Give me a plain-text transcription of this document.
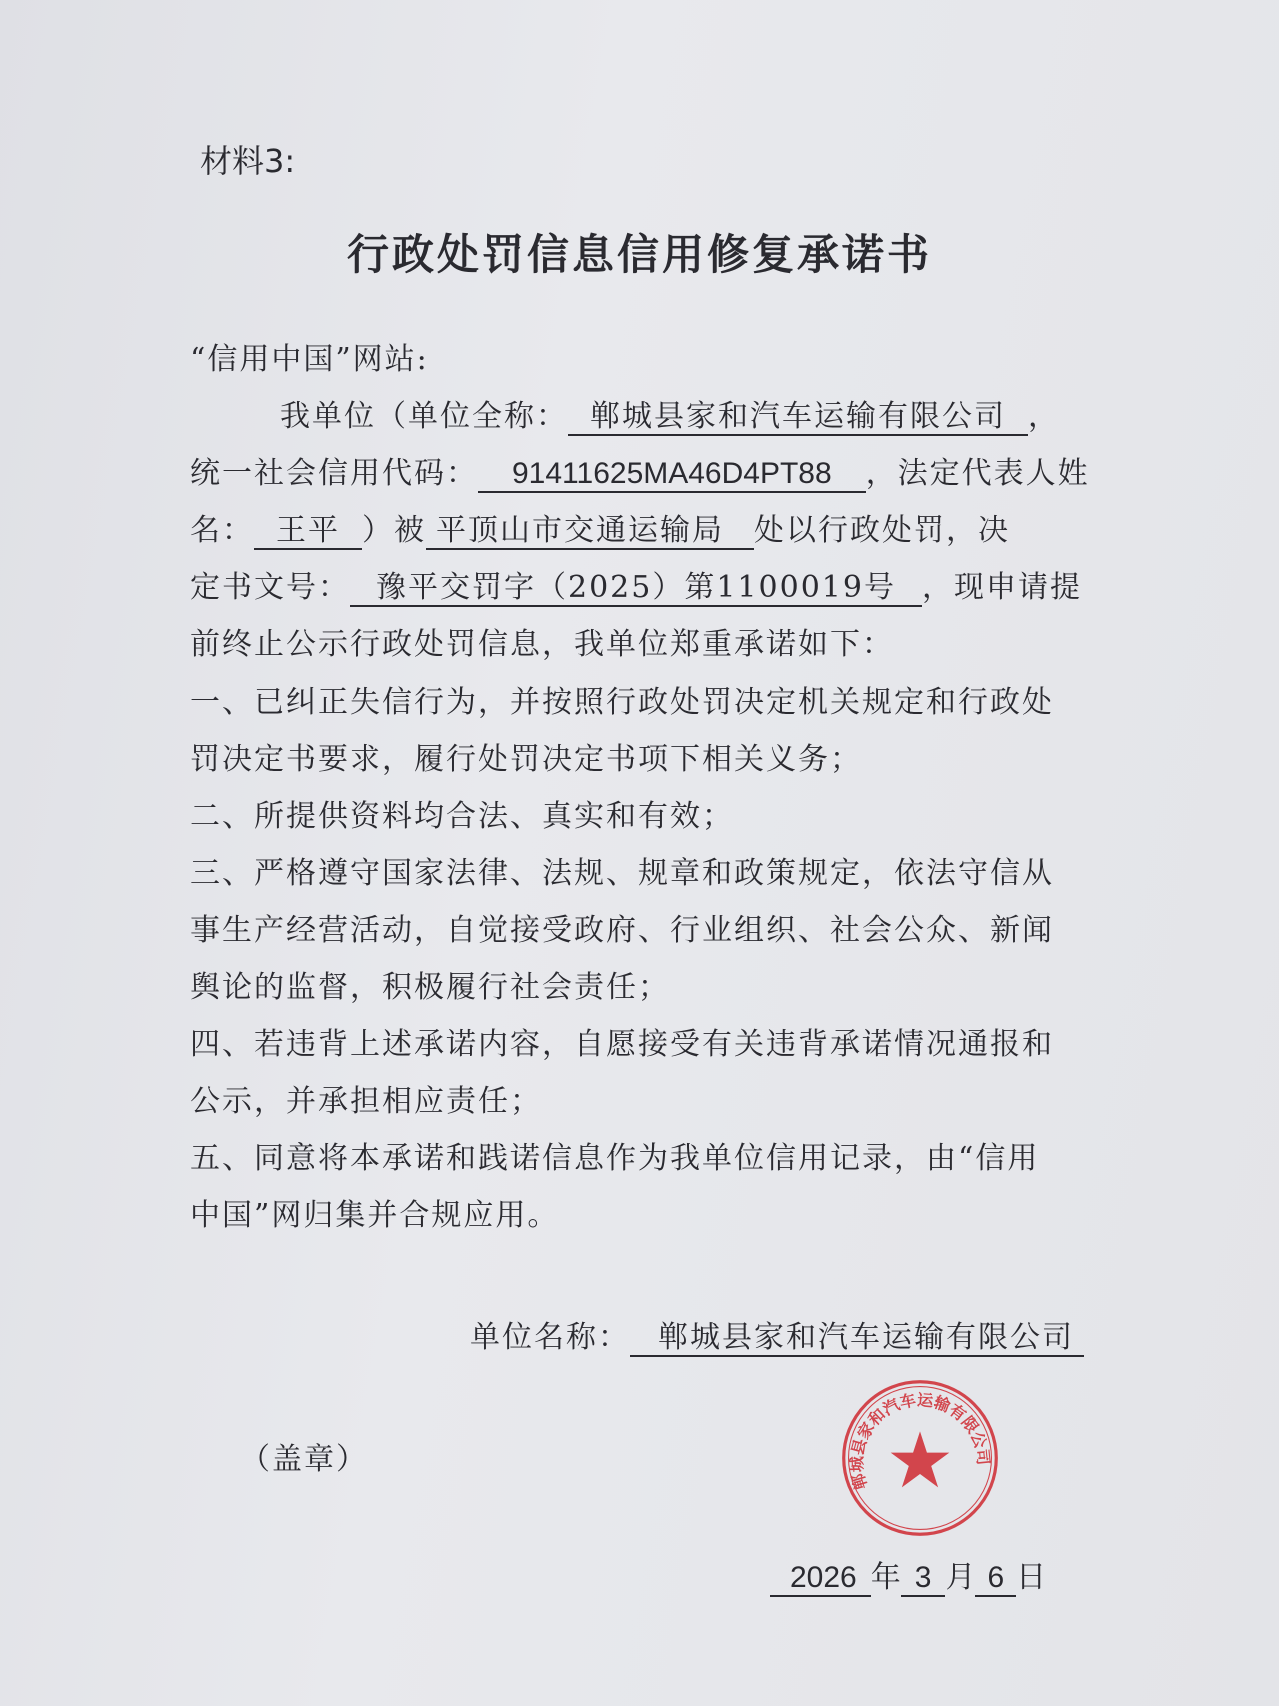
材料3:
行政处罚信息信用修复承诺书
“信用中国”网站:
我单位（单位全称： 郸城县家和汽车运输有限公司 ，
统一社会信用代码： 91411625MA46D4PT88 ，法定代表人姓
名： 王平 ）被 平顶山市交通运输局 处以行政处罚，决
定书文号： 豫平交罚字（2025）第1100019号 ，现申请提
前终止公示行政处罚信息，我单位郑重承诺如下：
一、已纠正失信行为，并按照行政处罚决定机关规定和行政处
罚决定书要求，履行处罚决定书项下相关义务；
二、所提供资料均合法、真实和有效；
三、严格遵守国家法律、法规、规章和政策规定，依法守信从
事生产经营活动，自觉接受政府、行业组织、社会公众、新闻
舆论的监督，积极履行社会责任；
四、若违背上述承诺内容，自愿接受有关违背承诺情况通报和
公示，并承担相应责任；
五、同意将本承诺和践诺信息作为我单位信用记录，由“信用
中国”网归集并合规应用。
单位名称： 郸城县家和汽车运输有限公司
（盖章）
2026 年 3 月 6 日
郸城县家和汽车运输有限公司
